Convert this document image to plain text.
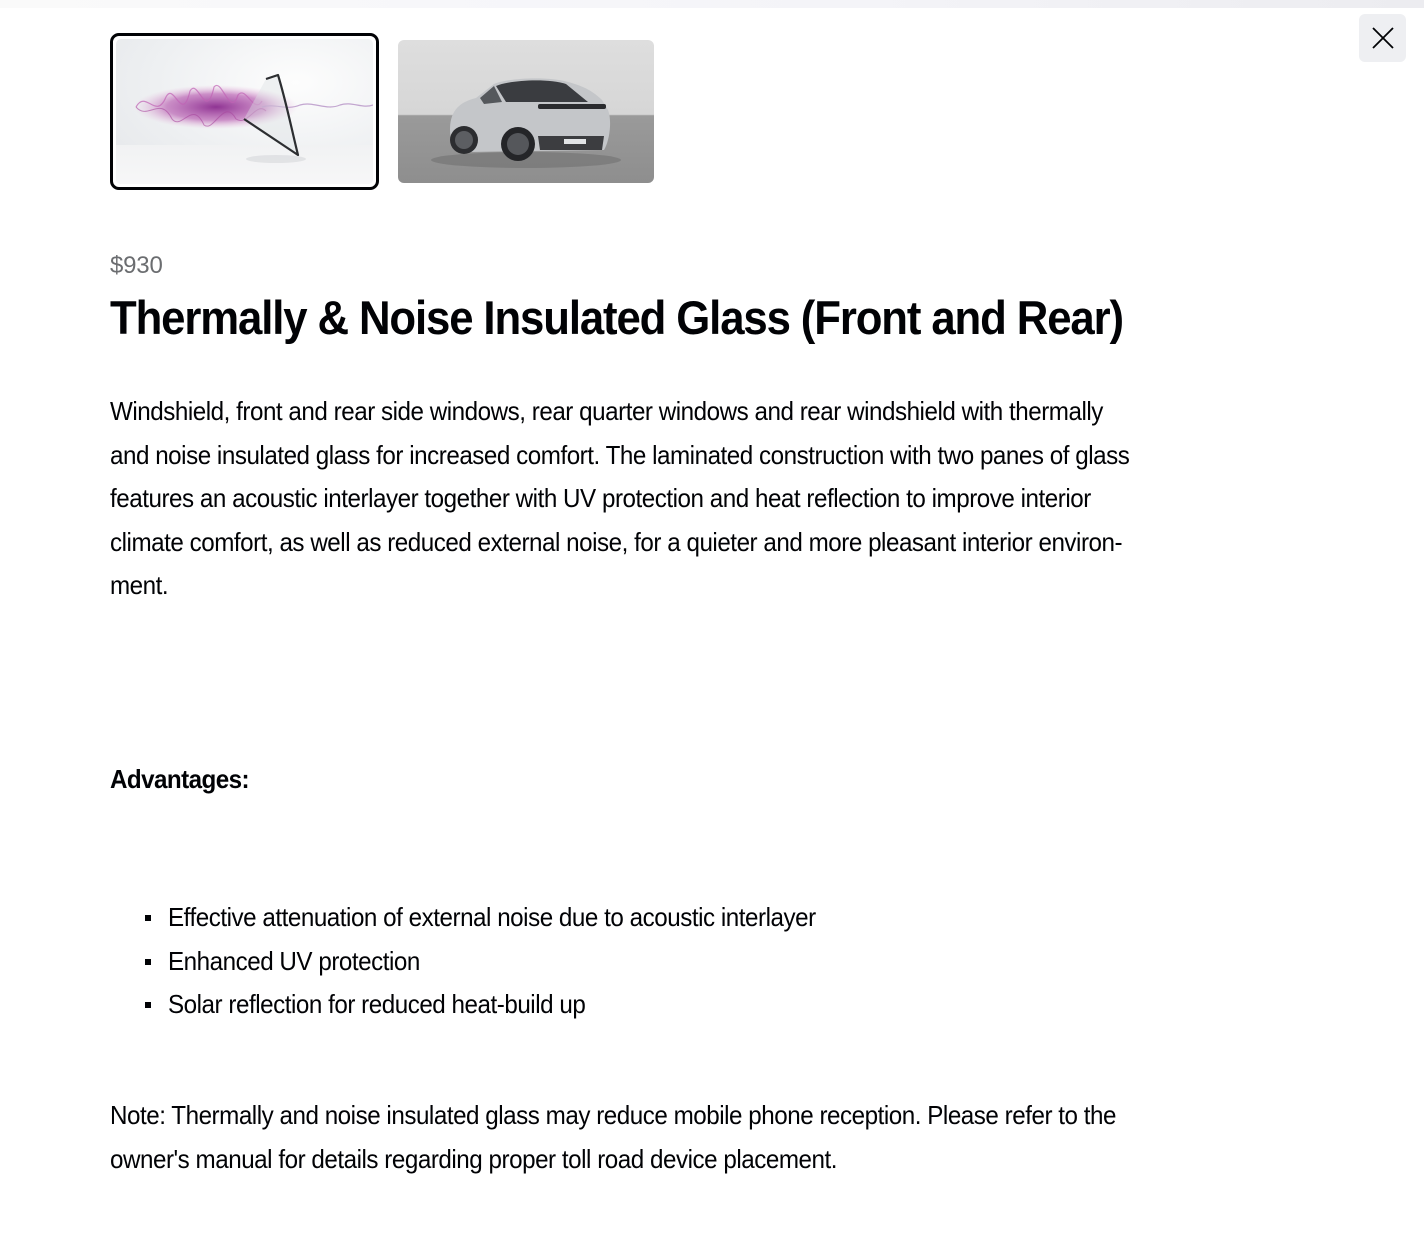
$930
Thermally & Noise Insulated Glass (Front and Rear)

Windshield, front and rear side windows, rear quarter windows and rear windshield with thermally
and noise insulated glass for increased comfort. The laminated construction with two panes of glass
features an acoustic interlayer together with UV protection and heat reflection to improve interior
climate comfort, as well as reduced external noise, for a quieter and more pleasant interior environ-
ment.

Advantages:
Effective attenuation of external noise due to acoustic interlayer
Enhanced UV protection
Solar reflection for reduced heat-build up

Note: Thermally and noise insulated glass may reduce mobile phone reception. Please refer to the
owner's manual for details regarding proper toll road device placement.
